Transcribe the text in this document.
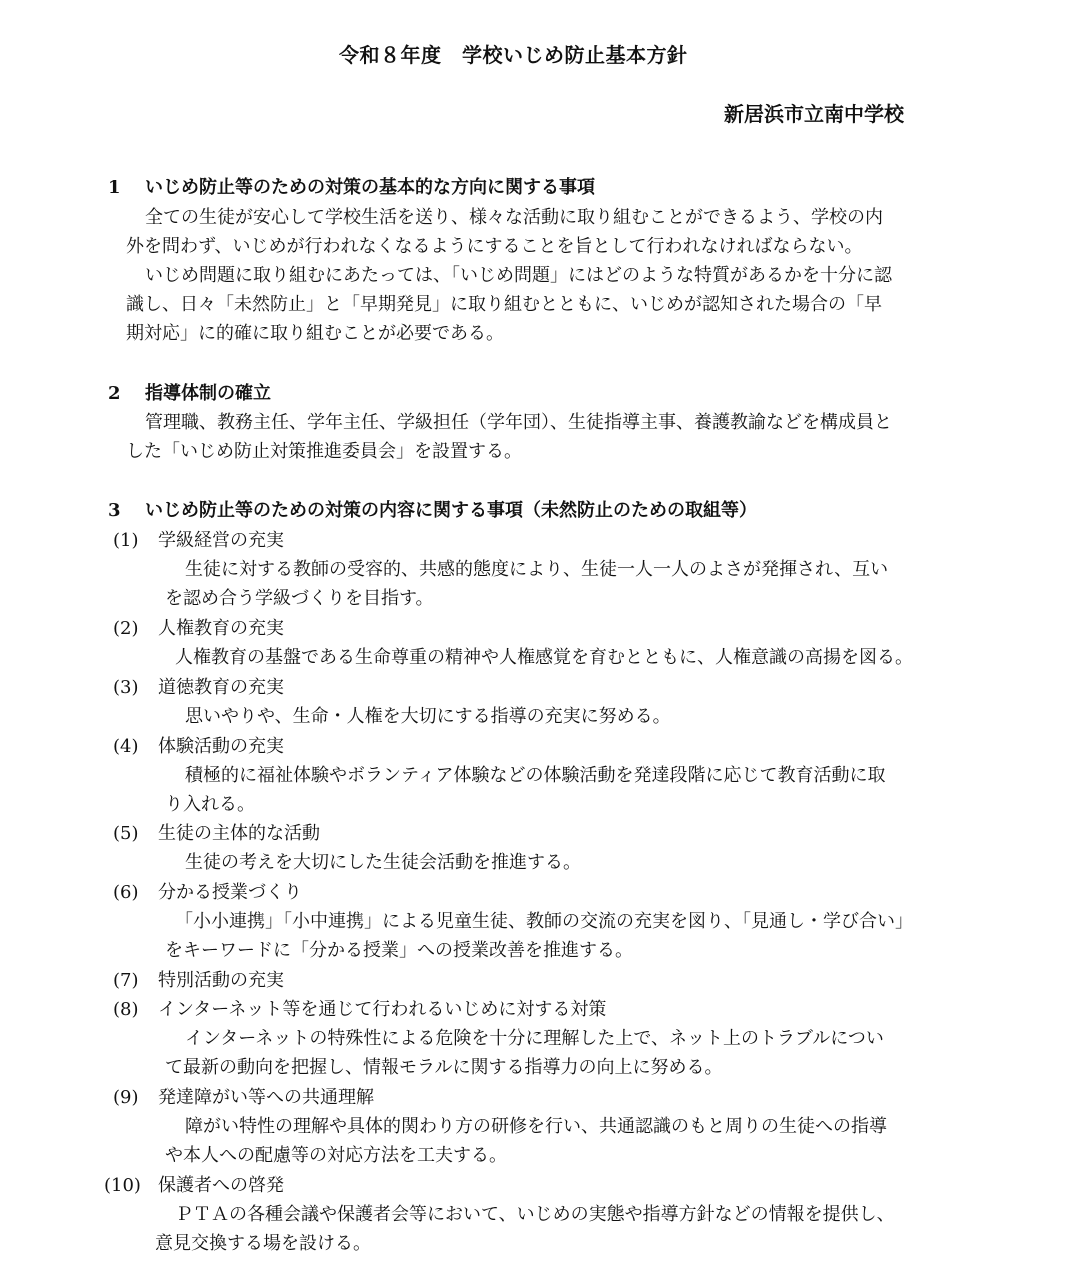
令和８年度　学校いじめ防止基本方針
新居浜市立南中学校
1 いじめ防止等のための対策の基本的な方向に関する事項
全ての生徒が安心して学校生活を送り、様々な活動に取り組むことができるよう、学校の内
外を問わず、いじめが行われなくなるようにすることを旨として行われなければならない。
いじめ問題に取り組むにあたっては、「いじめ問題」にはどのような特質があるかを十分に認
識し、日々「未然防止」と「早期発見」に取り組むとともに、いじめが認知された場合の「早
期対応」に的確に取り組むことが必要である。
2 指導体制の確立
管理職、教務主任、学年主任、学級担任（学年団）、生徒指導主事、養護教諭などを構成員と
した「いじめ防止対策推進委員会」を設置する。
3 いじめ防止等のための対策の内容に関する事項（未然防止のための取組等）
(1) 学級経営の充実
生徒に対する教師の受容的、共感的態度により、生徒一人一人のよさが発揮され、互い
を認め合う学級づくりを目指す。
(2) 人権教育の充実
人権教育の基盤である生命尊重の精神や人権感覚を育むとともに、人権意識の高揚を図る。
(3) 道徳教育の充実
思いやりや、生命・人権を大切にする指導の充実に努める。
(4) 体験活動の充実
積極的に福祉体験やボランティア体験などの体験活動を発達段階に応じて教育活動に取
り入れる。
(5) 生徒の主体的な活動
生徒の考えを大切にした生徒会活動を推進する。
(6) 分かる授業づくり
「小小連携」「小中連携」による児童生徒、教師の交流の充実を図り、「見通し・学び合い」
をキーワードに「分かる授業」への授業改善を推進する。
(7) 特別活動の充実
(8) インターネット等を通じて行われるいじめに対する対策
インターネットの特殊性による危険を十分に理解した上で、ネット上のトラブルについ
て最新の動向を把握し、情報モラルに関する指導力の向上に努める。
(9) 発達障がい等への共通理解
障がい特性の理解や具体的関わり方の研修を行い、共通認識のもと周りの生徒への指導
や本人への配慮等の対応方法を工夫する。
(10) 保護者への啓発
ＰＴＡの各種会議や保護者会等において、いじめの実態や指導方針などの情報を提供し、
意見交換する場を設ける。
